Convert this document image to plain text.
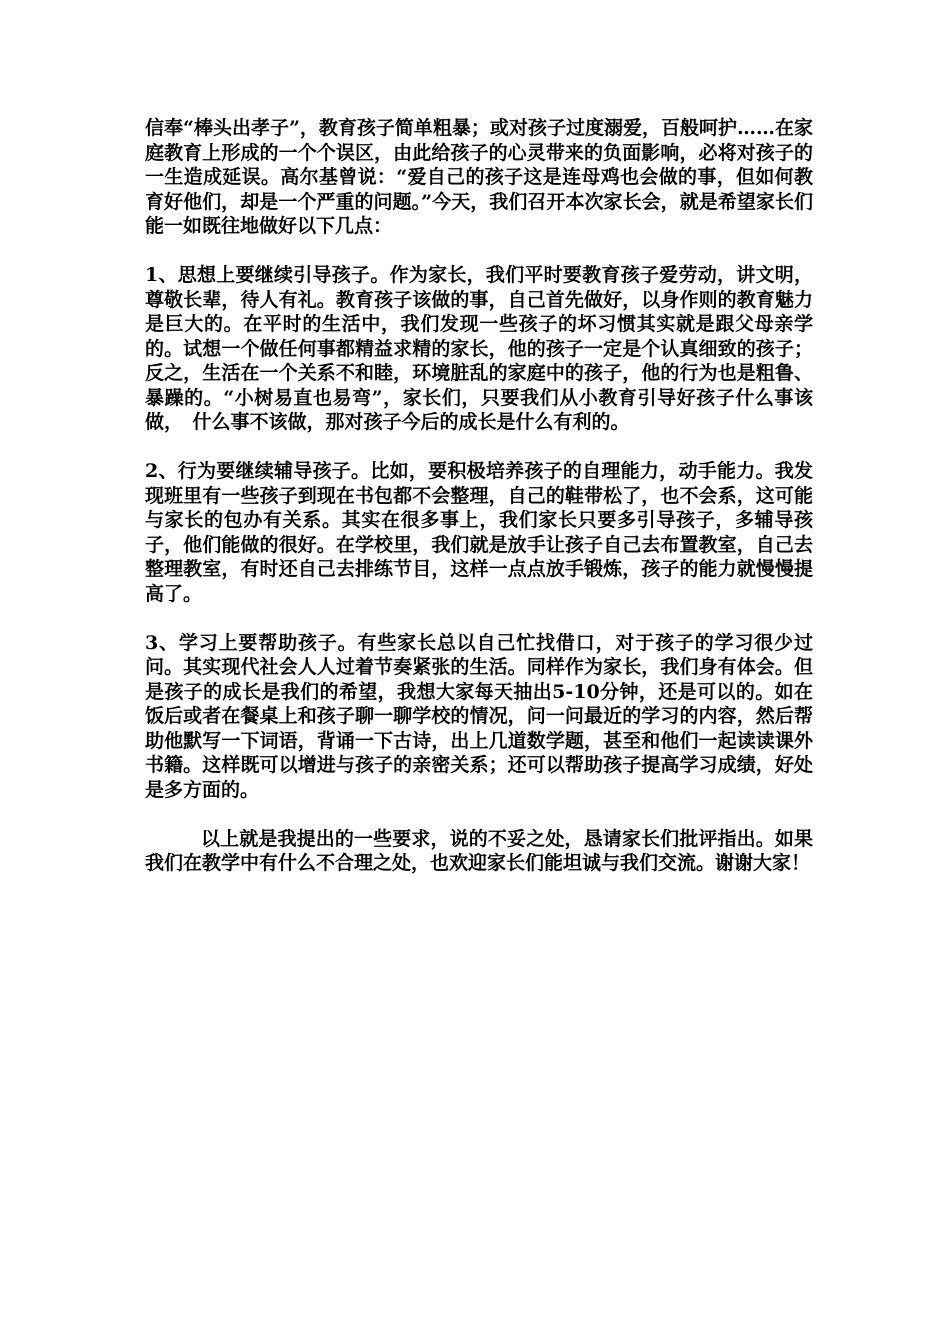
信奉“棒头出孝子”，教育孩子简单粗暴；或对孩子过度溺爱，百般呵护……在家庭教育上形成的一个个误区，由此给孩子的心灵带来的负面影响，必将对孩子的一生造成延误。高尔基曾说：“爱自己的孩子这是连母鸡也会做的事，但如何教育好他们，却是一个严重的问题。”今天，我们召开本次家长会，就是希望家长们能一如既往地做好以下几点：

1、思想上要继续引导孩子。作为家长，我们平时要教育孩子爱劳动，讲文明，尊敬长辈，待人有礼。教育孩子该做的事，自己首先做好，以身作则的教育魅力是巨大的。在平时的生活中，我们发现一些孩子的坏习惯其实就是跟父母亲学的。试想一个做任何事都精益求精的家长，他的孩子一定是个认真细致的孩子；反之，生活在一个关系不和睦，环境脏乱的家庭中的孩子，他的行为也是粗鲁、暴躁的。“小树易直也易弯”，家长们，只要我们从小教育引导好孩子什么事该做，　什么事不该做，那对孩子今后的成长是什么有利的。

2、行为要继续辅导孩子。比如，要积极培养孩子的自理能力，动手能力。我发现班里有一些孩子到现在书包都不会整理，自己的鞋带松了，也不会系，这可能与家长的包办有关系。其实在很多事上，我们家长只要多引导孩子，多辅导孩子，他们能做的很好。在学校里，我们就是放手让孩子自己去布置教室，自己去整理教室，有时还自己去排练节目，这样一点点放手锻炼，孩子的能力就慢慢提高了。

3、学习上要帮助孩子。有些家长总以自己忙找借口，对于孩子的学习很少过问。其实现代社会人人过着节奏紧张的生活。同样作为家长，我们身有体会。但是孩子的成长是我们的希望，我想大家每天抽出5-10分钟，还是可以的。如在饭后或者在餐桌上和孩子聊一聊学校的情况，问一问最近的学习的内容，然后帮助他默写一下词语，背诵一下古诗，出上几道数学题，甚至和他们一起读读课外书籍。这样既可以增进与孩子的亲密关系；还可以帮助孩子提高学习成绩，好处是多方面的。

以上就是我提出的一些要求，说的不妥之处，恳请家长们批评指出。如果我们在教学中有什么不合理之处，也欢迎家长们能坦诚与我们交流。谢谢大家！
